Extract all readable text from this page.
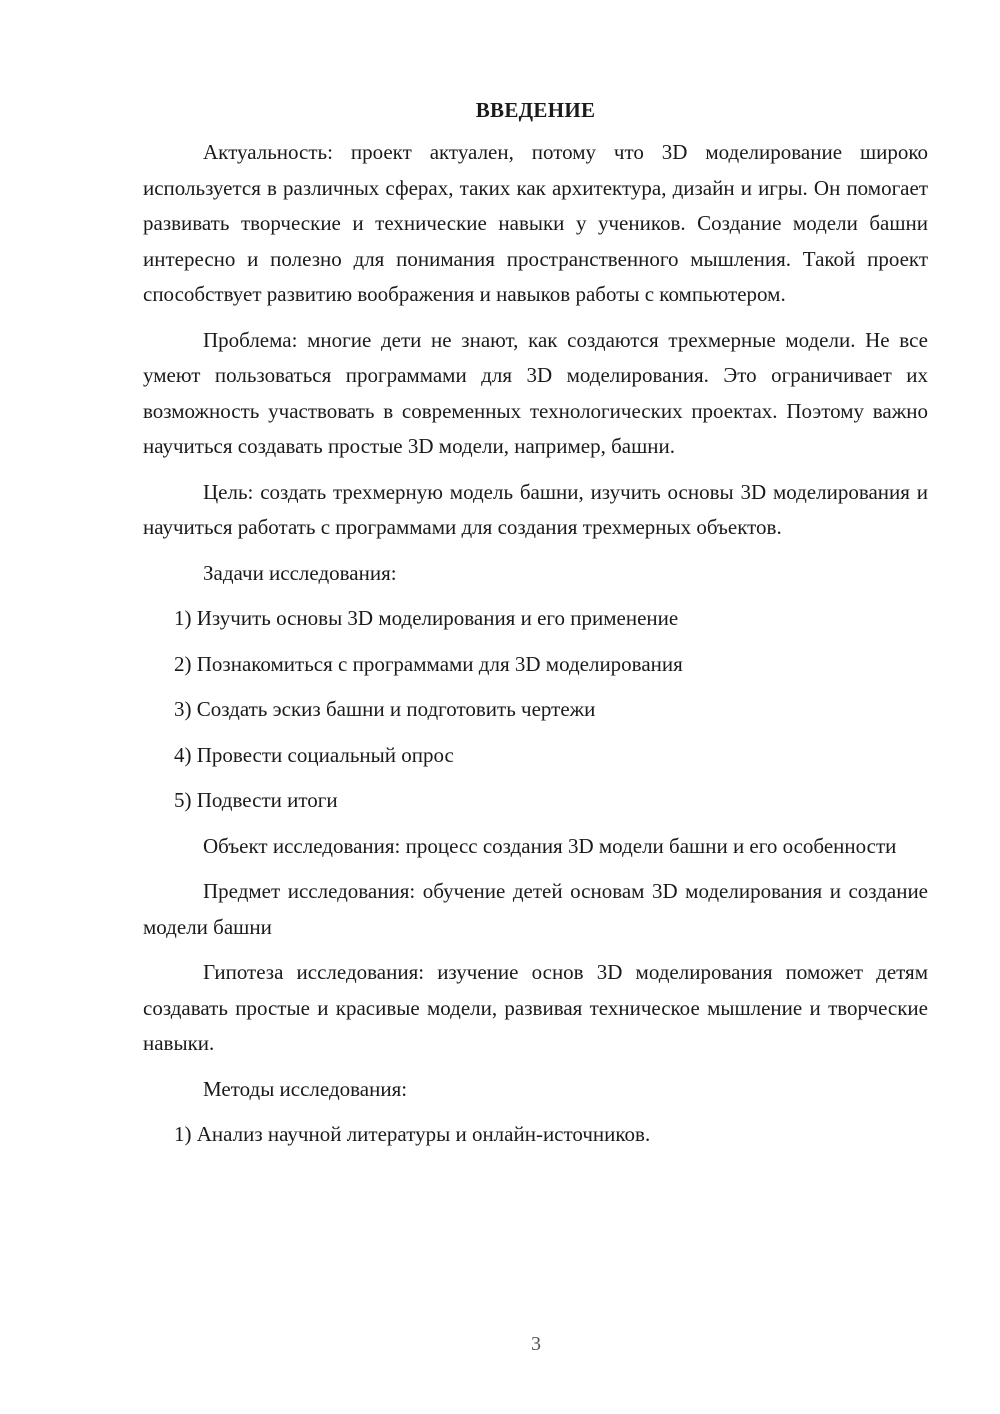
ВВЕДЕНИЕ

Актуальность: проект актуален, потому что 3D моделирование широко используется в различных сферах, таких как архитектура, дизайн и игры. Он помогает развивать творческие и технические навыки у учеников. Создание модели башни интересно и полезно для понимания пространственного мышления. Такой проект способствует развитию воображения и навыков работы с компьютером.

Проблема: многие дети не знают, как создаются трехмерные модели. Не все умеют пользоваться программами для 3D моделирования. Это ограничивает их возможность участвовать в современных технологических проектах. Поэтому важно научиться создавать простые 3D модели, например, башни.

Цель: создать трехмерную модель башни, изучить основы 3D моделирования и научиться работать с программами для создания трехмерных объектов.

Задачи исследования:

1) Изучить основы 3D моделирования и его применение
2) Познакомиться с программами для 3D моделирования
3) Создать эскиз башни и подготовить чертежи
4) Провести социальный опрос
5) Подвести итоги

Объект исследования: процесс создания 3D модели башни и его особенности

Предмет исследования: обучение детей основам 3D моделирования и создание модели башни

Гипотеза исследования: изучение основ 3D моделирования поможет детям создавать простые и красивые модели, развивая техническое мышление и творческие навыки.

Методы исследования:

1) Анализ научной литературы и онлайн-источников.
3
